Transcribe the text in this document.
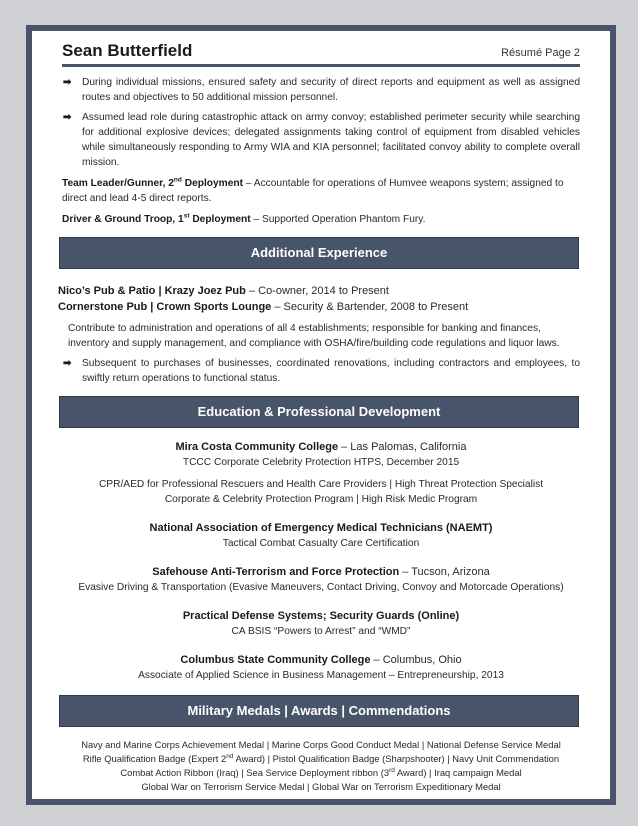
Sean Butterfield	Résumé Page 2
➡	During individual missions, ensured safety and security of direct reports and equipment as well as assigned routes and objectives to 50 additional mission personnel.
➡	Assumed lead role during catastrophic attack on army convoy; established perimeter security while searching for additional explosive devices; delegated assignments taking control of equipment from disabled vehicles while simultaneously responding to Army WIA and KIA personnel; facilitated convoy ability to complete overall mission.

Team Leader/Gunner, 2nd Deployment – Accountable for operations of Humvee weapons system; assigned to direct and lead 4-5 direct reports.

Driver & Ground Troop, 1st Deployment – Supported Operation Phantom Fury.

Additional Experience

Nico’s Pub & Patio | Krazy Joez Pub – Co-owner, 2014 to Present

Cornerstone Pub | Crown Sports Lounge – Security & Bartender, 2008 to Present

Contribute to administration and operations of all 4 establishments; responsible for banking and finances, inventory and supply management, and compliance with OSHA/fire/building code regulations and liquor laws.

➡	Subsequent to purchases of businesses, coordinated renovations, including contractors and employees, to swiftly return operations to functional status.
Education & Professional Development

Mira Costa Community College – Las Palomas, California

TCCC Corporate Celebrity Protection HTPS, December 2015

CPR/AED for Professional Rescuers and Health Care Providers | High Threat Protection Specialist

Corporate & Celebrity Protection Program | High Risk Medic Program

National Association of Emergency Medical Technicians (NAEMT)

Tactical Combat Casualty Care Certification

Safehouse Anti-Terrorism and Force Protection – Tucson, Arizona

Evasive Driving & Transportation (Evasive Maneuvers, Contact Driving, Convoy and Motorcade Operations)

Practical Defense Systems; Security Guards (Online)

CA BSIS “Powers to Arrest” and “WMD”

Columbus State Community College – Columbus, Ohio

Associate of Applied Science in Business Management – Entrepreneurship, 2013

Military Medals | Awards | Commendations

Navy and Marine Corps Achievement Medal | Marine Corps Good Conduct Medal | National Defense Service Medal

Rifle Qualification Badge (Expert 2nd Award) | Pistol Qualification Badge (Sharpshooter) | Navy Unit Commendation

Combat Action Ribbon (Iraq) | Sea Service Deployment ribbon (3rd Award) | Iraq campaign Medal

Global War on Terrorism Service Medal | Global War on Terrorism Expeditionary Medal
